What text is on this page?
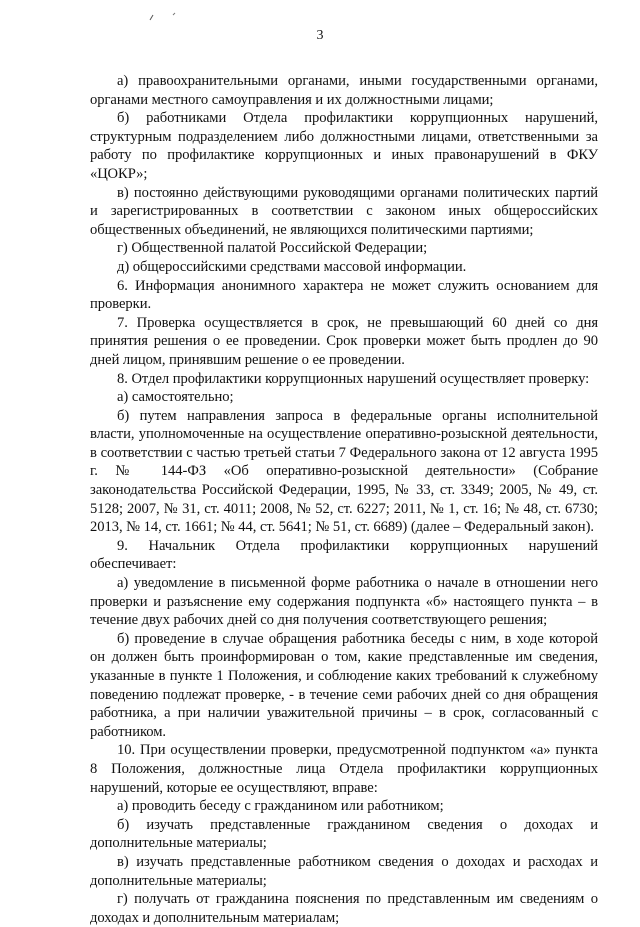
3

а) правоохранительными органами, иными государственными органами, органами местного самоуправления и их должностными лицами;

б) работниками Отдела профилактики коррупционных нарушений, структурным подразделением либо должностными лицами, ответственными за работу по профилактике коррупционных и иных правонарушений в ФКУ «ЦОКР»;

в) постоянно действующими руководящими органами политических партий и зарегистрированных в соответствии с законом иных общероссийских общественных объединений, не являющихся политическими партиями;

г) Общественной палатой Российской Федерации;

д) общероссийскими средствами массовой информации.

6. Информация анонимного характера не может служить основанием для проверки.

7. Проверка осуществляется в срок, не превышающий 60 дней со дня принятия решения о ее проведении. Срок проверки может быть продлен до 90 дней лицом, принявшим решение о ее проведении.

8. Отдел профилактики коррупционных нарушений осуществляет проверку:

а) самостоятельно;

б) путем направления запроса в федеральные органы исполнительной власти, уполномоченные на осуществление оперативно-розыскной деятельности, в соответствии с частью третьей статьи 7 Федерального закона от 12 августа 1995 г. № 144-ФЗ «Об оперативно-розыскной деятельности» (Собрание законодательства Российской Федерации, 1995, № 33, ст. 3349; 2005, № 49, ст. 5128; 2007, № 31, ст. 4011; 2008, № 52, ст. 6227; 2011, № 1, ст. 16; № 48, ст. 6730; 2013, № 14, ст. 1661; № 44, ст. 5641; № 51, ст. 6689) (далее – Федеральный закон).

9. Начальник Отдела профилактики коррупционных нарушений обеспечивает:

а) уведомление в письменной форме работника о начале в отношении него проверки и разъяснение ему содержания подпункта «б» настоящего пункта – в течение двух рабочих дней со дня получения соответствующего решения;

б) проведение в случае обращения работника беседы с ним, в ходе которой он должен быть проинформирован о том, какие представленные им сведения, указанные в пункте 1 Положения, и соблюдение каких требований к служебному поведению подлежат проверке, - в течение семи рабочих дней со дня обращения работника, а при наличии уважительной причины – в срок, согласованный с работником.

10. При осуществлении проверки, предусмотренной подпунктом «а» пункта 8 Положения, должностные лица Отдела профилактики коррупционных нарушений, которые ее осуществляют, вправе:

а) проводить беседу с гражданином или работником;

б) изучать представленные гражданином сведения о доходах и дополнительные материалы;

в) изучать представленные работником сведения о доходах и расходах и дополнительные материалы;

г) получать от гражданина пояснения по представленным им сведениям о доходах и дополнительным материалам;
